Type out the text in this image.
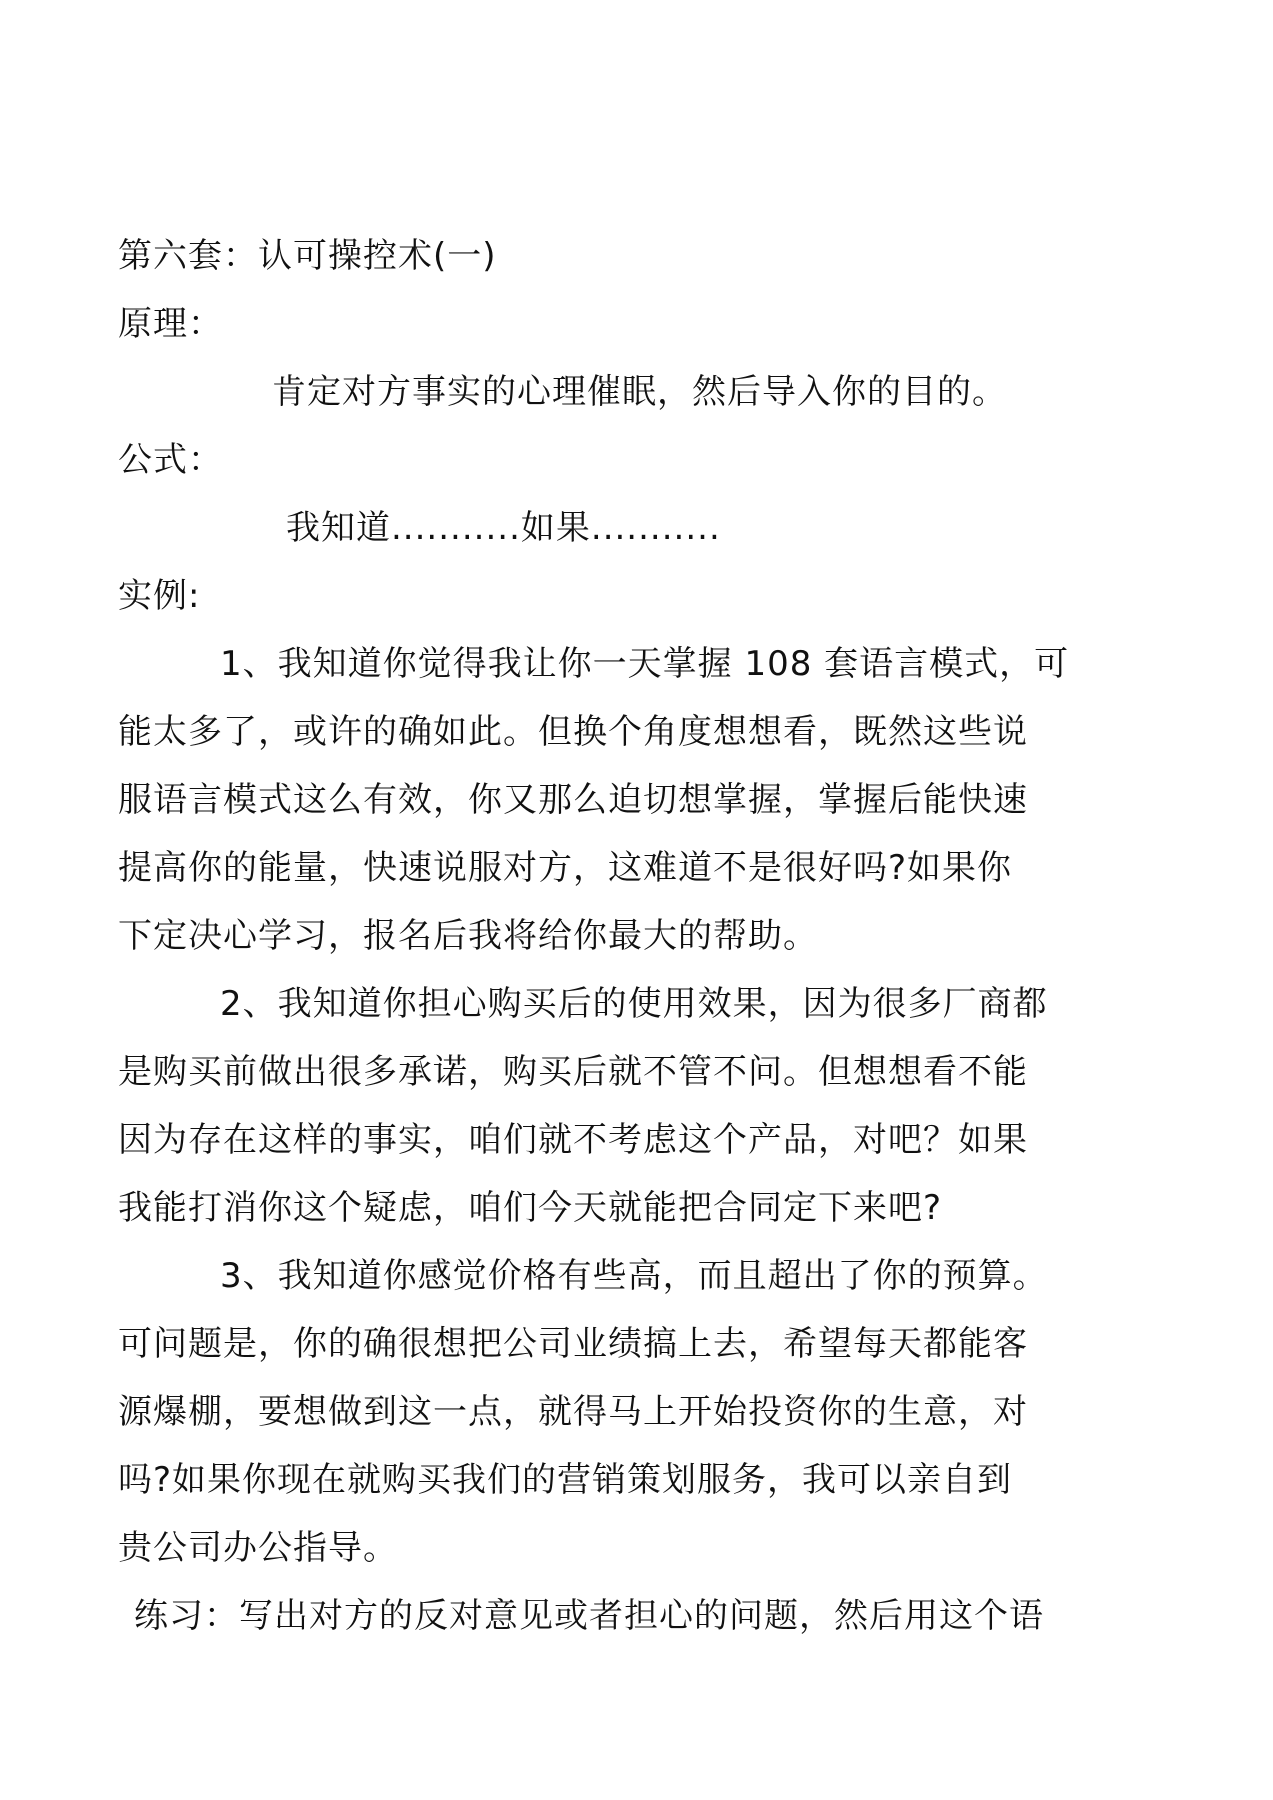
第六套：认可操控术(一)
原理：
肯定对方事实的心理催眠，然后导入你的目的。
公式：
我知道...........如果...........
实例:
1、我知道你觉得我让你一天掌握 108 套语言模式，可
能太多了，或许的确如此。但换个角度想想看，既然这些说
服语言模式这么有效，你又那么迫切想掌握，掌握后能快速
提高你的能量，快速说服对方，这难道不是很好吗?如果你
下定决心学习，报名后我将给你最大的帮助。
2、我知道你担心购买后的使用效果，因为很多厂商都
是购买前做出很多承诺，购买后就不管不问。但想想看不能
因为存在这样的事实，咱们就不考虑这个产品，对吧？如果
我能打消你这个疑虑，咱们今天就能把合同定下来吧?
3、我知道你感觉价格有些高，而且超出了你的预算。
可问题是，你的确很想把公司业绩搞上去，希望每天都能客
源爆棚，要想做到这一点，就得马上开始投资你的生意，对
吗?如果你现在就购买我们的营销策划服务，我可以亲自到
贵公司办公指导。
练习：写出对方的反对意见或者担心的问题，然后用这个语
